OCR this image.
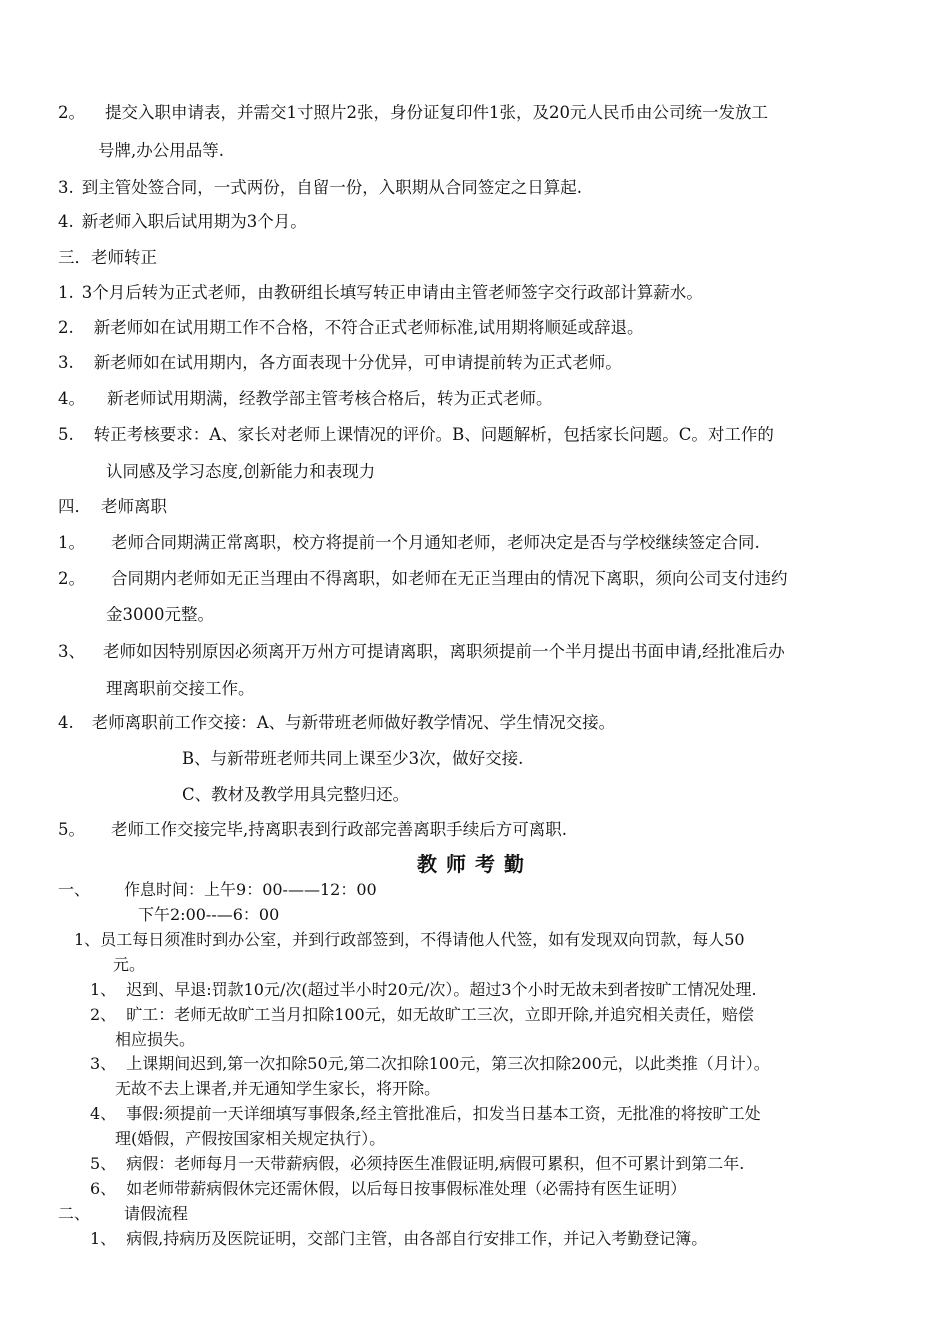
2。 提交入职申请表，并需交1寸照片2张，身份证复印件1张，及20元人民币由公司统一发放工
号牌,办公用品等.
3. 到主管处签合同，一式两份，自留一份，入职期从合同签定之日算起.
4. 新老师入职后试用期为3个月。
三．老师转正
1. 3个月后转为正式老师，由教研组长填写转正申请由主管老师签字交行政部计算薪水。
2. 新老师如在试用期工作不合格，不符合正式老师标准,试用期将顺延或辞退。
3. 新老师如在试用期内，各方面表现十分优异，可申请提前转为正式老师。
4。 新老师试用期满，经教学部主管考核合格后，转为正式老师。
5. 转正考核要求：A、家长对老师上课情况的评价。B、问题解析，包括家长问题。C。对工作的
认同感及学习态度,创新能力和表现力
四． 老师离职
1。 老师合同期满正常离职，校方将提前一个月通知老师，老师决定是否与学校继续签定合同.
2。 合同期内老师如无正当理由不得离职，如老师在无正当理由的情况下离职，须向公司支付违约
金3000元整。
3、 老师如因特别原因必须离开万州方可提请离职，离职须提前一个半月提出书面申请,经批准后办
理离职前交接工作。
4. 老师离职前工作交接：A、与新带班老师做好教学情况、学生情况交接。
B、与新带班老师共同上课至少3次，做好交接.
C、教材及教学用具完整归还。
5。 老师工作交接完毕,持离职表到行政部完善离职手续后方可离职.
教师考勤
一、 作息时间：上午9：00-——12：00
下午2:00--—6：00
1、员工每日须准时到办公室，并到行政部签到，不得请他人代签，如有发现双向罚款，每人50
元。
1、 迟到、早退:罚款10元/次(超过半小时20元/次）。超过3个小时无故未到者按旷工情况处理.
2、 旷工：老师无故旷工当月扣除100元，如无故旷工三次，立即开除,并追究相关责任，赔偿
相应损失。
3、 上课期间迟到,第一次扣除50元,第二次扣除100元，第三次扣除200元，以此类推（月计）。
无故不去上课者,并无通知学生家长，将开除。
4、 事假:须提前一天详细填写事假条,经主管批准后，扣发当日基本工资，无批准的将按旷工处
理(婚假，产假按国家相关规定执行）。
5、 病假：老师每月一天带薪病假，必须持医生准假证明,病假可累积，但不可累计到第二年.
6、 如老师带薪病假休完还需休假，以后每日按事假标准处理（必需持有医生证明）
二、 请假流程
1、 病假,持病历及医院证明，交部门主管，由各部自行安排工作，并记入考勤登记簿。
